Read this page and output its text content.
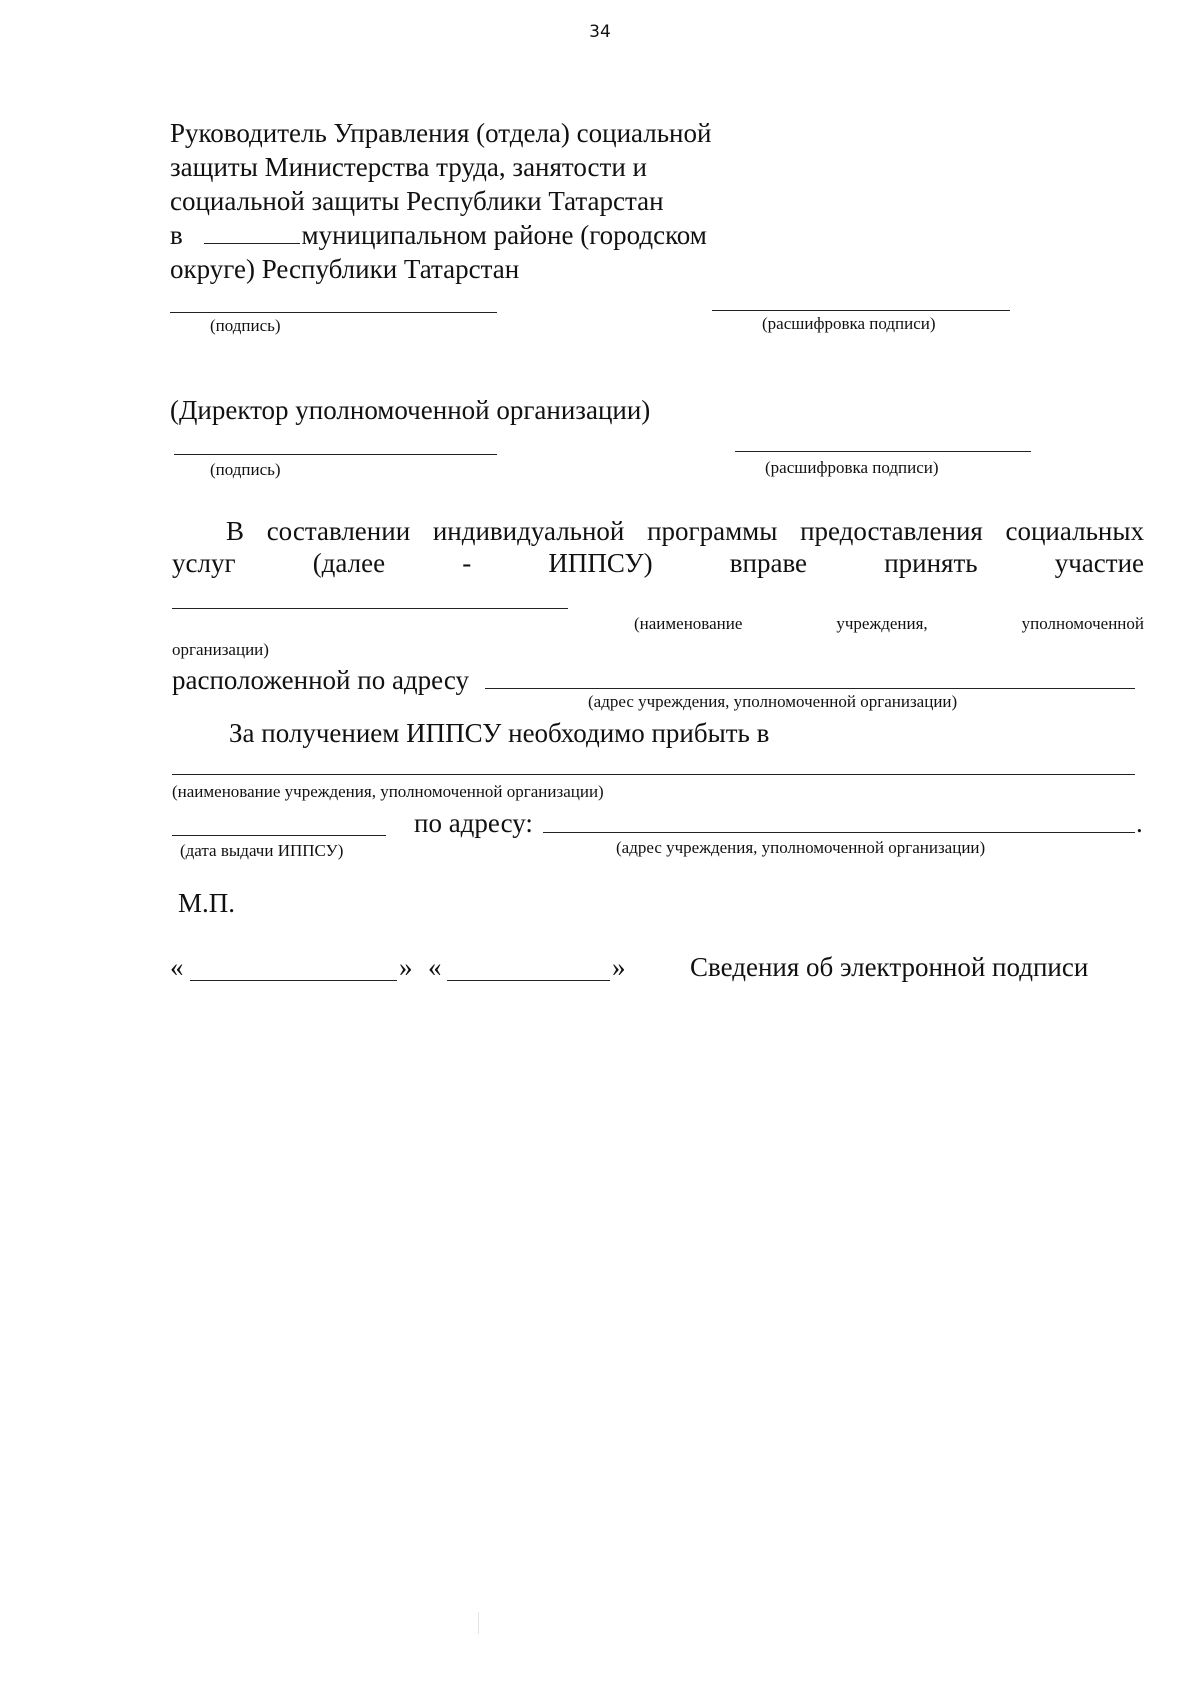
34
Руководитель Управления (отдела) социальной
защиты Министерства труда, занятости и
социальной защиты Республики Татарстан
в	муниципальном районе (городском
округе) Республики Татарстан
(подпись)	(расшифровка подписи)
(Директор уполномоченной организации)
(подпись)	(расшифровка подписи)
В составлении индивидуальной программы предоставления социальных
услуг	(далее	-	ИППСУ)	вправе	принять	участие
(наименование	учреждения,	уполномоченной
организации)
расположенной по адресу
(адрес учреждения, уполномоченной организации)
За получением ИППСУ необходимо прибыть в
(наименование учреждения, уполномоченной организации)
по адресу:	.
(дата выдачи ИППСУ)	(адрес учреждения, уполномоченной организации)
М.П.
«	» «	» Сведения об электронной подписи
